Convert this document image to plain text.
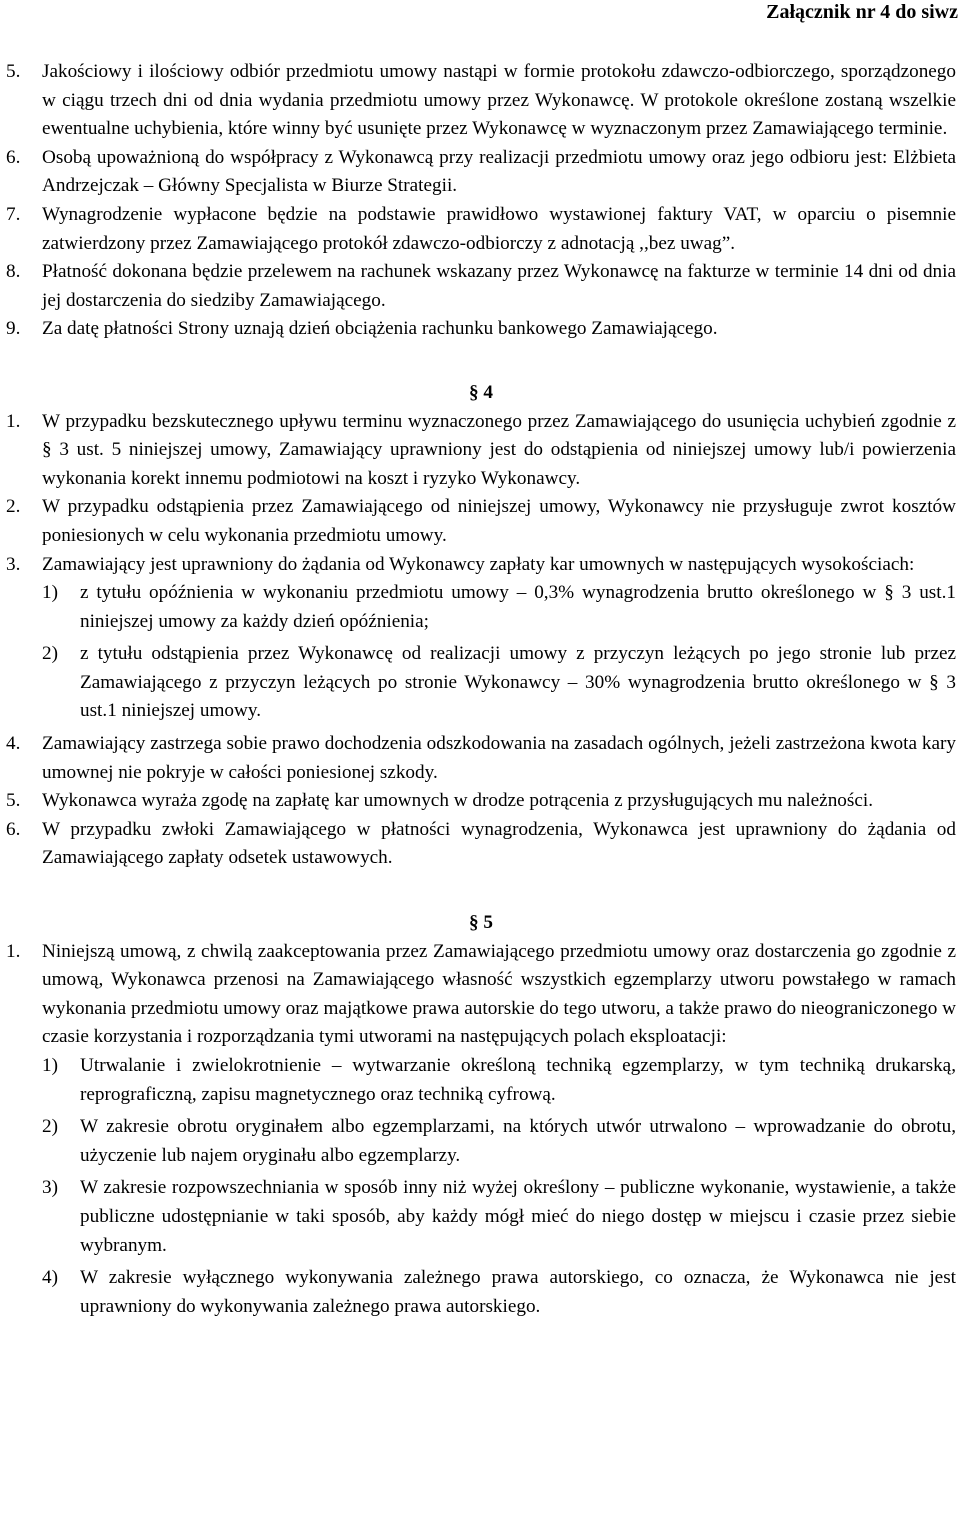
Załącznik nr 4 do siwz

5. Jakościowy i ilościowy odbiór przedmiotu umowy nastąpi w formie protokołu zdawczo-odbiorczego, sporządzonego w ciągu trzech dni od dnia wydania przedmiotu umowy przez Wykonawcę. W protokole określone zostaną wszelkie ewentualne uchybienia, które winny być usunięte przez Wykonawcę w wyznaczonym przez Zamawiającego terminie.

6. Osobą upoważnioną do współpracy z Wykonawcą przy realizacji przedmiotu umowy oraz jego odbioru jest: Elżbieta Andrzejczak – Główny Specjalista w Biurze Strategii.

7. Wynagrodzenie wypłacone będzie na podstawie prawidłowo wystawionej faktury VAT, w oparciu o pisemnie zatwierdzony przez Zamawiającego protokół zdawczo-odbiorczy z adnotacją ,,bez uwag”.

8. Płatność dokonana będzie przelewem na rachunek wskazany przez Wykonawcę na fakturze w terminie 14 dni od dnia jej dostarczenia do siedziby Zamawiającego.

9. Za datę płatności Strony uznają dzień obciążenia rachunku bankowego Zamawiającego.

§ 4

1. W przypadku bezskutecznego upływu terminu wyznaczonego przez Zamawiającego do usunięcia uchybień zgodnie z § 3 ust. 5 niniejszej umowy, Zamawiający uprawniony jest do odstąpienia od niniejszej umowy lub/i powierzenia wykonania korekt innemu podmiotowi na koszt i ryzyko Wykonawcy.

2. W przypadku odstąpienia przez Zamawiającego od niniejszej umowy, Wykonawcy nie przysługuje zwrot kosztów poniesionych w celu wykonania przedmiotu umowy.

3. Zamawiający jest uprawniony do żądania od Wykonawcy zapłaty kar umownych w następujących wysokościach:

1) z tytułu opóźnienia w wykonaniu przedmiotu umowy – 0,3% wynagrodzenia brutto określonego w § 3 ust.1 niniejszej umowy za każdy dzień opóźnienia;

2) z tytułu odstąpienia przez Wykonawcę od realizacji umowy z przyczyn leżących po jego stronie lub przez Zamawiającego z przyczyn leżących po stronie Wykonawcy – 30% wynagrodzenia brutto określonego w § 3 ust.1 niniejszej umowy.

4. Zamawiający zastrzega sobie prawo dochodzenia odszkodowania na zasadach ogólnych, jeżeli zastrzeżona kwota kary umownej nie pokryje w całości poniesionej szkody.

5. Wykonawca wyraża zgodę na zapłatę kar umownych w drodze potrącenia z przysługujących mu należności.

6. W przypadku zwłoki Zamawiającego w płatności wynagrodzenia, Wykonawca jest uprawniony do żądania od Zamawiającego zapłaty odsetek ustawowych.

§ 5

1. Niniejszą umową, z chwilą zaakceptowania przez Zamawiającego przedmiotu umowy oraz dostarczenia go zgodnie z umową, Wykonawca przenosi na Zamawiającego własność wszystkich egzemplarzy utworu powstałego w ramach wykonania przedmiotu umowy oraz majątkowe prawa autorskie do tego utworu, a także prawo do nieograniczonego w czasie korzystania i rozporządzania tymi utworami na następujących polach eksploatacji:

1) Utrwalanie i zwielokrotnienie – wytwarzanie określoną techniką egzemplarzy, w tym techniką drukarską, reprograficzną, zapisu magnetycznego oraz techniką cyfrową.

2) W zakresie obrotu oryginałem albo egzemplarzami, na których utwór utrwalono – wprowadzanie do obrotu, użyczenie lub najem oryginału albo egzemplarzy.

3) W zakresie rozpowszechniania w sposób inny niż wyżej określony – publiczne wykonanie, wystawienie, a także publiczne udostępnianie w taki sposób, aby każdy mógł mieć do niego dostęp w miejscu i czasie przez siebie wybranym.

4) W zakresie wyłącznego wykonywania zależnego prawa autorskiego, co oznacza, że Wykonawca nie jest uprawniony do wykonywania zależnego prawa autorskiego.
